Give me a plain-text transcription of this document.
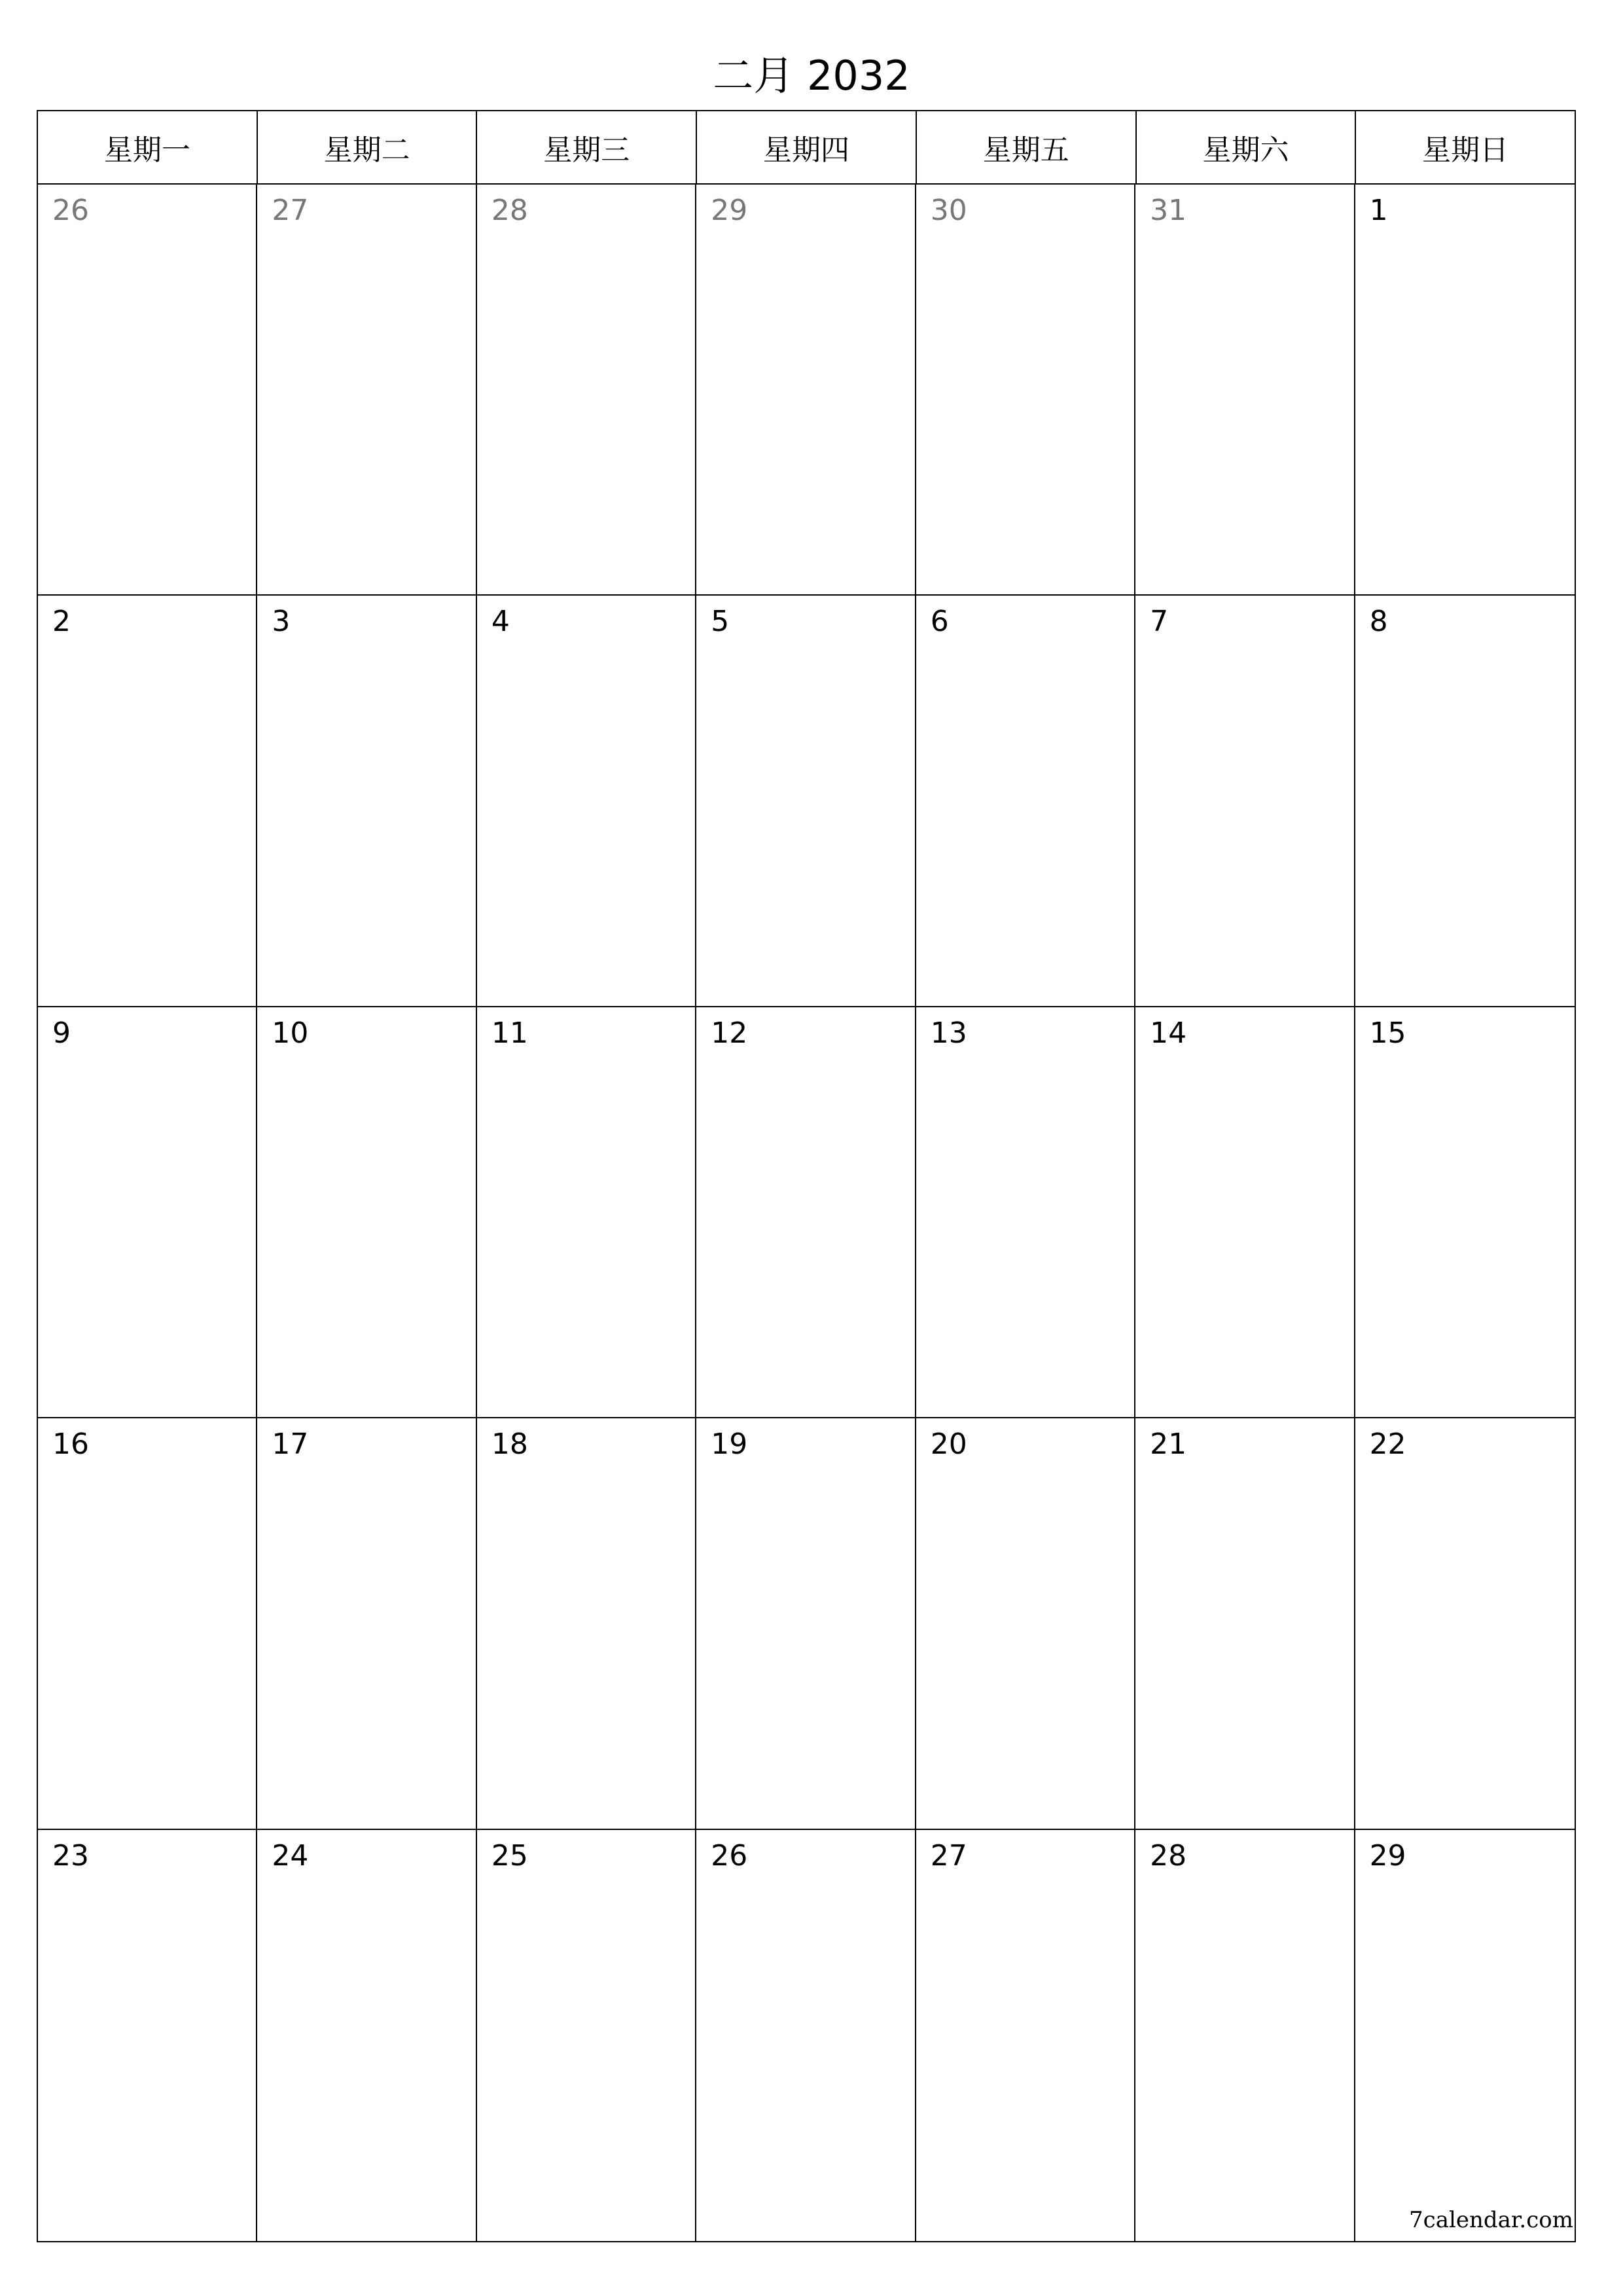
二月 2032
星期一	星期二	星期三	星期四	星期五	星期六	星期日
26	27	28	29	30	31	1
2	3	4	5	6	7	8
9	10	11	12	13	14	15
16	17	18	19	20	21	22
23	24	25	26	27	28	29
7calendar.com
